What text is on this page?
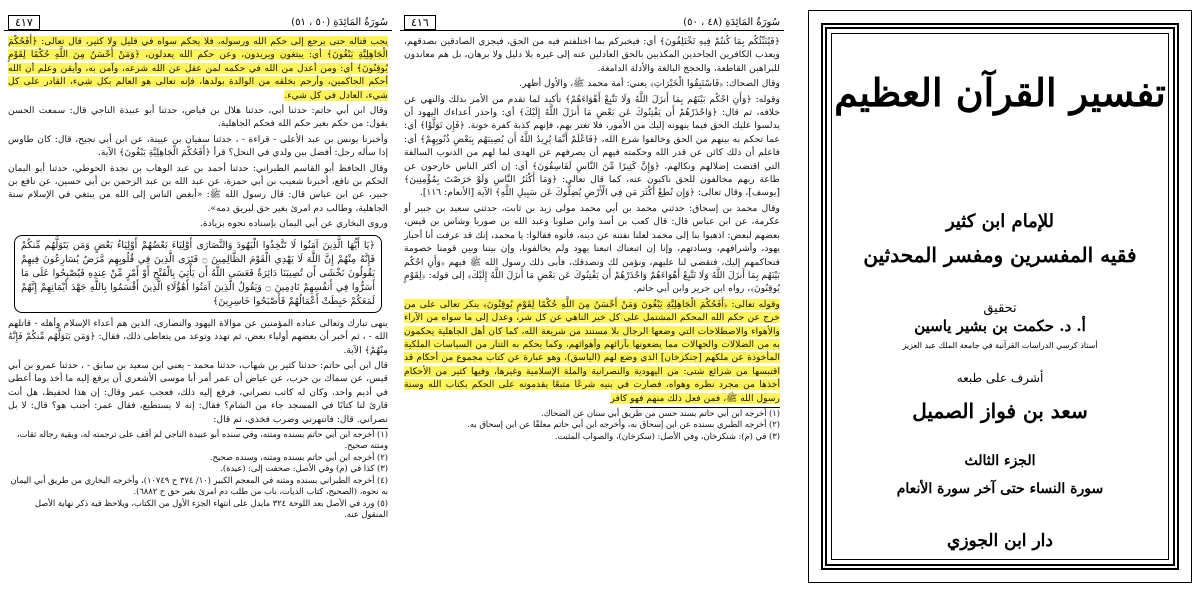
سُورَةُ المَائِدَةِ (٥٠ ، ٥١)
٤١٧

يجب قتاله حتى يرجع إلى حكم الله ورسوله، فلا يحكم سواه في قليل ولا كثير، قال تعالى: ﴿أَفَحُكْمَ الْجَاهِلِيَّةِ يَبْغُونَ﴾ أي: يبتغون ويريدون، وعن حكم الله يعدلون، ﴿وَمَنْ أَحْسَنُ مِنَ اللَّهِ حُكْمًا لِقَوْمٍ يُوقِنُونَ﴾ أي: ومن أعدل من الله في حكمه لمن عقل عن الله شرعه، وآمن به، وأيقن وعلم أن الله أحكم الحاكمين، وأرحم بخلقه من الوالدة بولدها، فإنه تعالى هو العالم بكل شيء، القادر على كل شيء، العادل في كل شيء.

وقال ابن أبي حاتم: حدثنا أبي، حدثنا هلال بن فياض، حدثنا أبو عبيدة الناجي قال: سمعت الحسن يقول: من حكم بغير حكم الله فحكم الجاهلية.

وأخبرنا يونس بن عبد الأعلى - قراءة - ، حدثنا سفيان بن عيينة، عن ابن أبي نجيح، قال: كان طاوس إذا سأله رجل: أفضل بين ولدي في النحل؟ قرأ ﴿أَفَحُكْمَ الْجَاهِلِيَّةِ يَبْغُونَ﴾ الآية.

وقال الحافظ أبو القاسم الطبراني: حدثنا أحمد بن عبد الوهاب بن نجدة الحوطي، حدثنا أبو اليمان الحكم بن نافع، أخبرنا شعيب بن أبي حمزة، عن عبد الله بن عبد الرحمن بن أبي حسين، عن نافع بن جبير، عن ابن عباس قال: قال رسول الله ﷺ: «أبغض الناس إلى الله من يبتغي في الإسلام سنة الجاهلية، وطالب دم امرئ بغير حق ليريق دمه».

وروى البخاري عن أبي اليمان بإسناده نحوه بزيادة.

﴿يَا أَيُّهَا الَّذِينَ آمَنُوا لَا تَتَّخِذُوا الْيَهُودَ وَالنَّصَارَى أَوْلِيَاءَ بَعْضُهُمْ أَوْلِيَاءُ بَعْضٍ وَمَن يَتَوَلَّهُم مِّنكُمْ فَإِنَّهُ مِنْهُمْ إِنَّ اللَّهَ لَا يَهْدِي الْقَوْمَ الظَّالِمِينَ ۝ فَتَرَى الَّذِينَ فِي قُلُوبِهِم مَّرَضٌ يُسَارِعُونَ فِيهِمْ يَقُولُونَ نَخْشَى أَن تُصِيبَنَا دَائِرَةٌ فَعَسَى اللَّهُ أَن يَأْتِيَ بِالْفَتْحِ أَوْ أَمْرٍ مِّنْ عِندِهِ فَيُصْبِحُوا عَلَى مَا أَسَرُّوا فِي أَنفُسِهِمْ نَادِمِينَ ۝ وَيَقُولُ الَّذِينَ آمَنُوا أَهَٰؤُلَاءِ الَّذِينَ أَقْسَمُوا بِاللَّهِ جَهْدَ أَيْمَانِهِمْ إِنَّهُمْ لَمَعَكُمْ حَبِطَتْ أَعْمَالُهُمْ فَأَصْبَحُوا خَاسِرِينَ﴾

ينهى تبارك وتعالى عباده المؤمنين عن موالاة اليهود والنصارى، الذين هم أعداء الإسلام وأهله - قاتلهم الله - ، ثم أخبر أن بعضهم أولياء بعض، ثم تهدد وتوعد من يتعاطى ذلك، فقال: ﴿وَمَن يَتَوَلَّهُم مِّنكُمْ فَإِنَّهُ مِنْهُمْ﴾ الآية.

قال ابن أبي حاتم: حدثنا كثير بن شهاب، حدثنا محمد - يعني ابن سعيد بن سابق - ، حدثنا عمرو بن أبي قيس، عن سماك بن حرب، عن عياض أن عمر أمر أبا موسى الأشعري أن يرفع إليه ما أخذ وما أعطى في أديم واحد، وكان له كاتب نصراني، فرفع إليه ذلك، فعجب عمر وقال: إن هذا لحفيظ، هل أنت قارئ لنا كتابًا في المسجد جاء من الشام؟ فقال: إنه لا يستطيع، فقال عمر: أجنب هو؟ قال: لا بل نصراني. قال: فانتهرني وضرب فخذي، ثم قال:

(١) أخرجه ابن أبي حاتم بسنده ومتنه، وفي سنده أبو عبيدة الناجي لم أقف على ترجمته له، وبقية رجاله ثقات، ومتنه صحيح.
(٢) أخرجه ابن أبي حاتم بسنده ومتنه، وسنده صحيح.
(٣) كذا في (م) وفي الأصل: صحفت إلى: (عيدة).
(٤) أخرجه الطبراني بسنده ومتنه في المعجم الكبير (١٠/ ٣٧٤ ح ١٠٧٤٩)، وأخرجه البخاري من طريق أبي اليمان به نحوه، (الصحيح، كتاب الديات، باب من طلب دم امرئ بغير حق ح ٦٨٨٢).
(٥) ورد في الأصل بعد اللوحة ٣٢٤ مايدل على انتهاء الجزء الأول من الكتاب، ويلاحظ فيه ذكر نهاية الأصل المنقول عنه.
سُورَةُ المَائِدَةِ (٤٨ ، ٥٠)
٤١٦

﴿فَيُنَبِّئُكُم بِمَا كُنتُمْ فِيهِ تَخْتَلِفُونَ﴾ أي: فيخبركم بما اختلفتم فيه من الحق، فيجزي الصادقين بصدقهم، ويعذب الكافرين الجاحدين المكذبين بالحق العادلين عنه إلى غيره بلا دليل ولا برهان، بل هم معاندون للبراهين القاطعة، والحجج البالغة والأدلة الدامغة.

وقال الضحاك: ﴿فَاسْتَبِقُوا الْخَيْرَاتِ﴾ يعني: أمة محمد ﷺ، والأول أظهر.

وقوله: ﴿وَأَنِ احْكُم بَيْنَهُم بِمَا أَنزَلَ اللَّهُ وَلَا تَتَّبِعْ أَهْوَاءَهُمْ﴾ تأكيد لما تقدم من الأمر بذلك والنهي عن خلافه، ثم قال: ﴿وَاحْذَرْهُمْ أَن يَفْتِنُوكَ عَن بَعْضِ مَا أَنزَلَ اللَّهُ إِلَيْكَ﴾ أي: واحذر أعداءك اليهود أن يدلسوا عليك الحق فيما ينهونه إليك من الأمور، فلا تغتر بهم، فإنهم كذبة كفرة خونة. ﴿فَإِن تَوَلَّوْا﴾ أي: عما تحكم به بينهم من الحق وخالفوا شرع الله، ﴿فَاعْلَمْ أَنَّمَا يُرِيدُ اللَّهُ أَن يُصِيبَهُم بِبَعْضِ ذُنُوبِهِمْ﴾ أي: فاعلم أن ذلك كائن عن قدر الله وحكمته فيهم أن يصرفهم عن الهدى لما لهم من الذنوب السالفة التي اقتضت إضلالهم ونكالهم، ﴿وَإِنَّ كَثِيرًا مِّنَ النَّاسِ لَفَاسِقُونَ﴾ أي: إن أكثر الناس خارجون عن طاعة ربهم مخالفون للحق ناكبون عنه، كما قال تعالى: ﴿وَمَا أَكْثَرُ النَّاسِ وَلَوْ حَرَصْتَ بِمُؤْمِنِينَ﴾ [يوسف]، وقال تعالى: ﴿وَإِن تُطِعْ أَكْثَرَ مَن فِي الْأَرْضِ يُضِلُّوكَ عَن سَبِيلِ اللَّهِ﴾ الآية [الأنعام: ١١٦].

وقال محمد بن إسحاق: حدثني محمد بن أبي محمد مولى زيد بن ثابت، حدثني سعيد بن جبير أو عكرمة، عن ابن عباس قال: قال كعب بن أسد وابن صلوبا وعبد الله بن صوريا وشاس بن قيس، بعضهم لبعض: اذهبوا بنا إلى محمد لعلنا نفتنه عن دينه، فأتوه فقالوا: يا محمد، إنك قد عرفت أنا أحبار يهود، وأشرافهم، وسادتهم، وإنا إن اتبعناك اتبعنا يهود ولم يخالفونا، وإن بيننا وبين قومنا خصومة فنحاكمهم إليك، فتقضي لنا عليهم، ونؤمن لك ونصدقك، فأبى ذلك رسول الله ﷺ فيهم ﴿وَأَنِ احْكُم بَيْنَهُم بِمَا أَنزَلَ اللَّهُ وَلَا تَتَّبِعْ أَهْوَاءَهُمْ وَاحْذَرْهُمْ أَن يَفْتِنُوكَ عَن بَعْضِ مَا أَنزَلَ اللَّهُ إِلَيْكَ﴾ إلى قوله: ﴿لِقَوْمٍ يُوقِنُونَ﴾، رواه ابن جرير وابن أبي حاتم.

وقوله تعالى: ﴿أَفَحُكْمَ الْجَاهِلِيَّةِ يَبْغُونَ وَمَنْ أَحْسَنُ مِنَ اللَّهِ حُكْمًا لِقَوْمٍ يُوقِنُونَ﴾ ينكر تعالى على من خرج عن حكم الله المحكم المشتمل على كل خير الناهي عن كل شر، وعدل إلى ما سواه من الآراء والأهواء والاصطلاحات التي وضعها الرجال بلا مستند من شريعة الله، كما كان أهل الجاهلية يحكمون به من الضلالات والجهالات مما يضعونها بآرائهم وأهوائهم، وكما يحكم به التتار من السياسات الملكية المأخوذة عن ملكهم [جنكزخان] الذي وضع لهم (الياسق)، وهو عبارة عن كتاب مجموع من أحكام قد اقتبسها من شرائع شتى: من اليهودية والنصرانية والملة الإسلامية وغيرها، وفيها كثير من الأحكام أخذها من مجرد نظره وهواه، فصارت في بنيه شرعًا متبعًا يقدمونه على الحكم بكتاب الله وسنة رسول الله ﷺ، فمن فعل ذلك منهم فهو كافر

(١) أخرجه ابن أبي حاتم بسند حسن من طريق أبي سنان عن الضحاك.
(٢) أخرجه الطبري بسنده عن ابن إسحاق به، وأخرجه ابن أبي حاتم معلقًا عن ابن إسحاق به.
(٣) في (م): شنكزخان، وفي الأصل: (سكزخان)، والصواب المثبت.
تفسير القرآن العظيم
للإمام ابن كثير
فقيه المفسرين ومفسر المحدثين
تحقيق
أ. د. حكمت بن بشير ياسين
أستاذ كرسي الدراسات القرآنية في جامعة الملك عبد العزيز
أشرف على طبعه
سعد بن فواز الصميل
الجزء الثالث
سورة النساء حتى آخر سورة الأنعام
دار ابن الجوزي
